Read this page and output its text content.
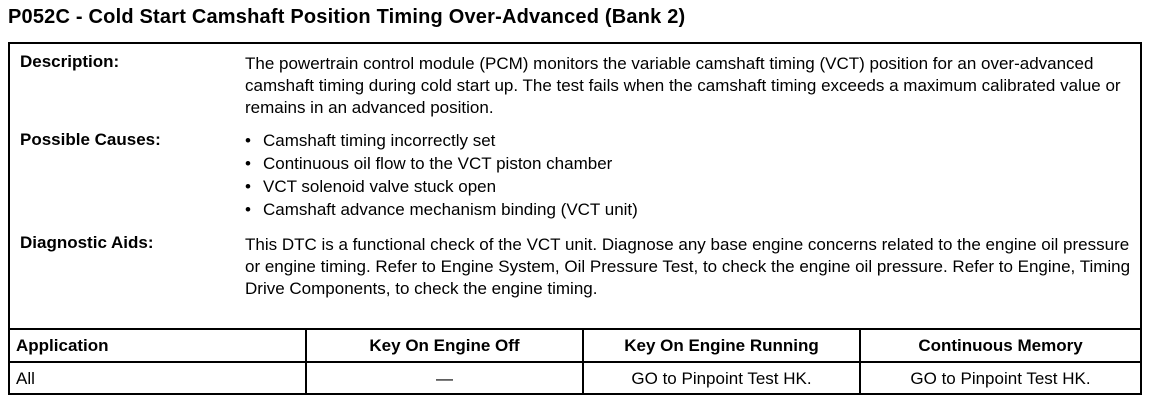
P052C - Cold Start Camshaft Position Timing Over-Advanced (Bank 2)
Description:	The powertrain control module (PCM) monitors the variable camshaft timing (VCT) position for an over-advanced camshaft timing during cold start up. The test fails when the camshaft timing exceeds a maximum calibrated value or remains in an advanced position.
Possible Causes:	• Camshaft timing incorrectly set
• Continuous oil flow to the VCT piston chamber
• VCT solenoid valve stuck open
• Camshaft advance mechanism binding (VCT unit)
Diagnostic Aids:	This DTC is a functional check of the VCT unit. Diagnose any base engine concerns related to the engine oil pressure or engine timing. Refer to Engine System, Oil Pressure Test, to check the engine oil pressure. Refer to Engine, Timing Drive Components, to check the engine timing.
Application	Key On Engine Off	Key On Engine Running	Continuous Memory
All	—	GO to Pinpoint Test HK.	GO to Pinpoint Test HK.
